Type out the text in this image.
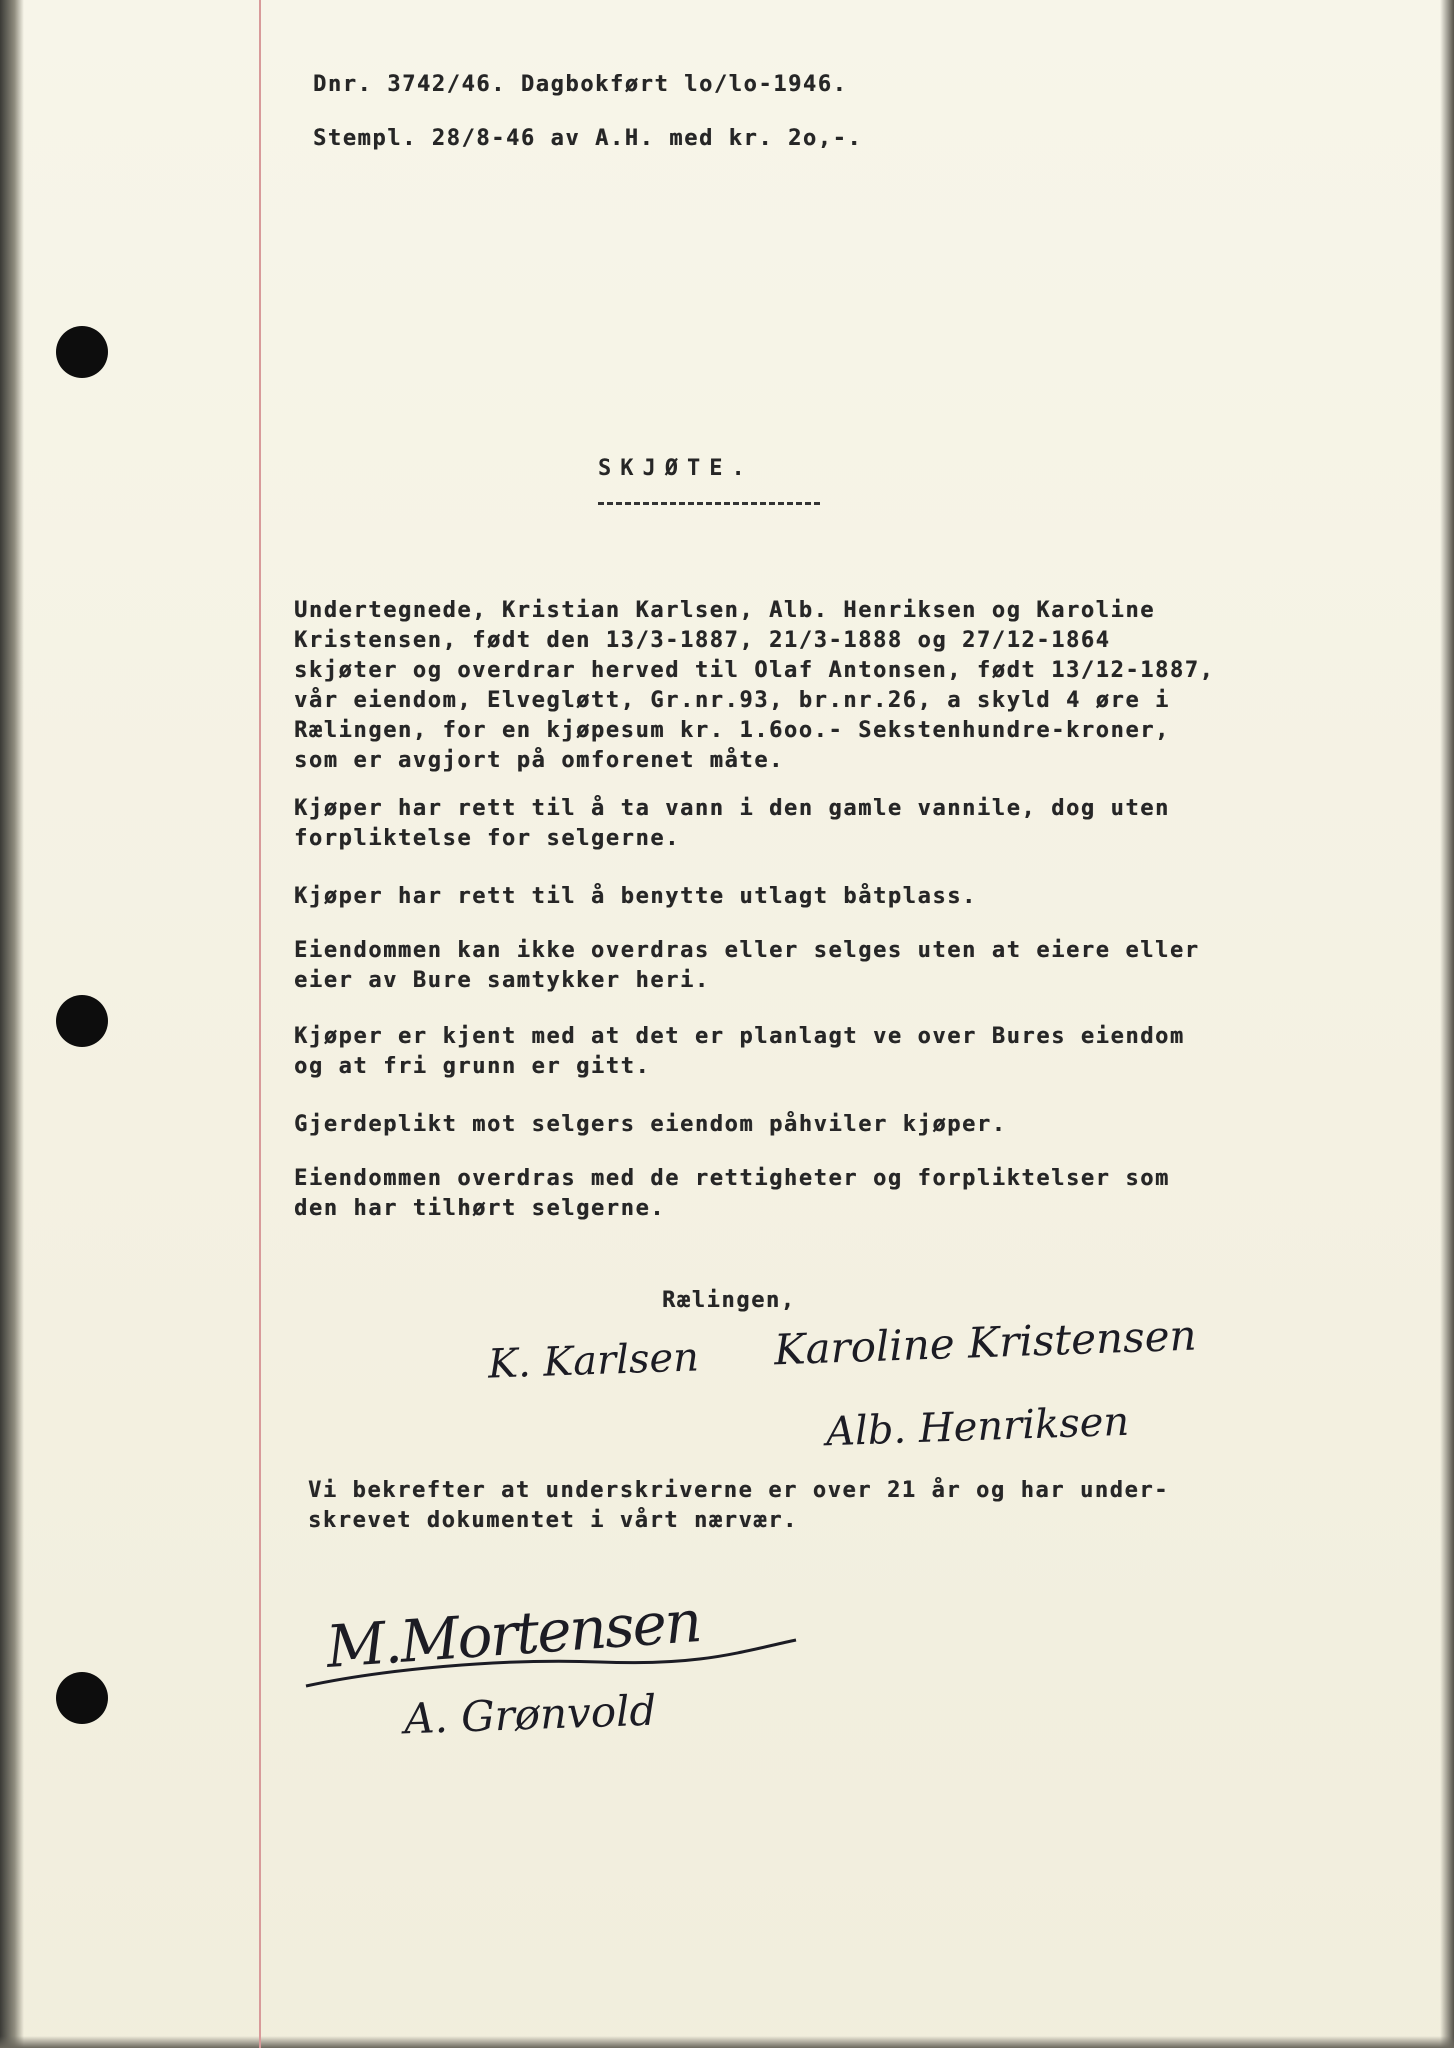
Dnr. 3742/46. Dagbokført lo/lo-1946.
Stempl. 28/8-46 av A.H. med kr. 2o,-.
SKJØTE.
Undertegnede, Kristian Karlsen, Alb. Henriksen og Karoline
Kristensen, født den 13/3-1887, 21/3-1888 og 27/12-1864
skjøter og overdrar herved til Olaf Antonsen, født 13/12-1887,
vår eiendom, Elvegløtt, Gr.nr.93, br.nr.26, a skyld 4 øre i
Rælingen, for en kjøpesum kr. 1.6oo.- Sekstenhundre-kroner,
som er avgjort på omforenet måte.
Kjøper har rett til å ta vann i den gamle vannile, dog uten
forpliktelse for selgerne.
Kjøper har rett til å benytte utlagt båtplass.
Eiendommen kan ikke overdras eller selges uten at eiere eller
eier av Bure samtykker heri.
Kjøper er kjent med at det er planlagt ve over Bures eiendom
og at fri grunn er gitt.
Gjerdeplikt mot selgers eiendom påhviler kjøper.
Eiendommen overdras med de rettigheter og forpliktelser som
den har tilhørt selgerne.
Rælingen,
K. Karlsen Karoline Kristensen
Alb. Henriksen
Vi bekrefter at underskriverne er over 21 år og har under-
skrevet dokumentet i vårt nærvær.
M.Mortensen
A. Grønvold
